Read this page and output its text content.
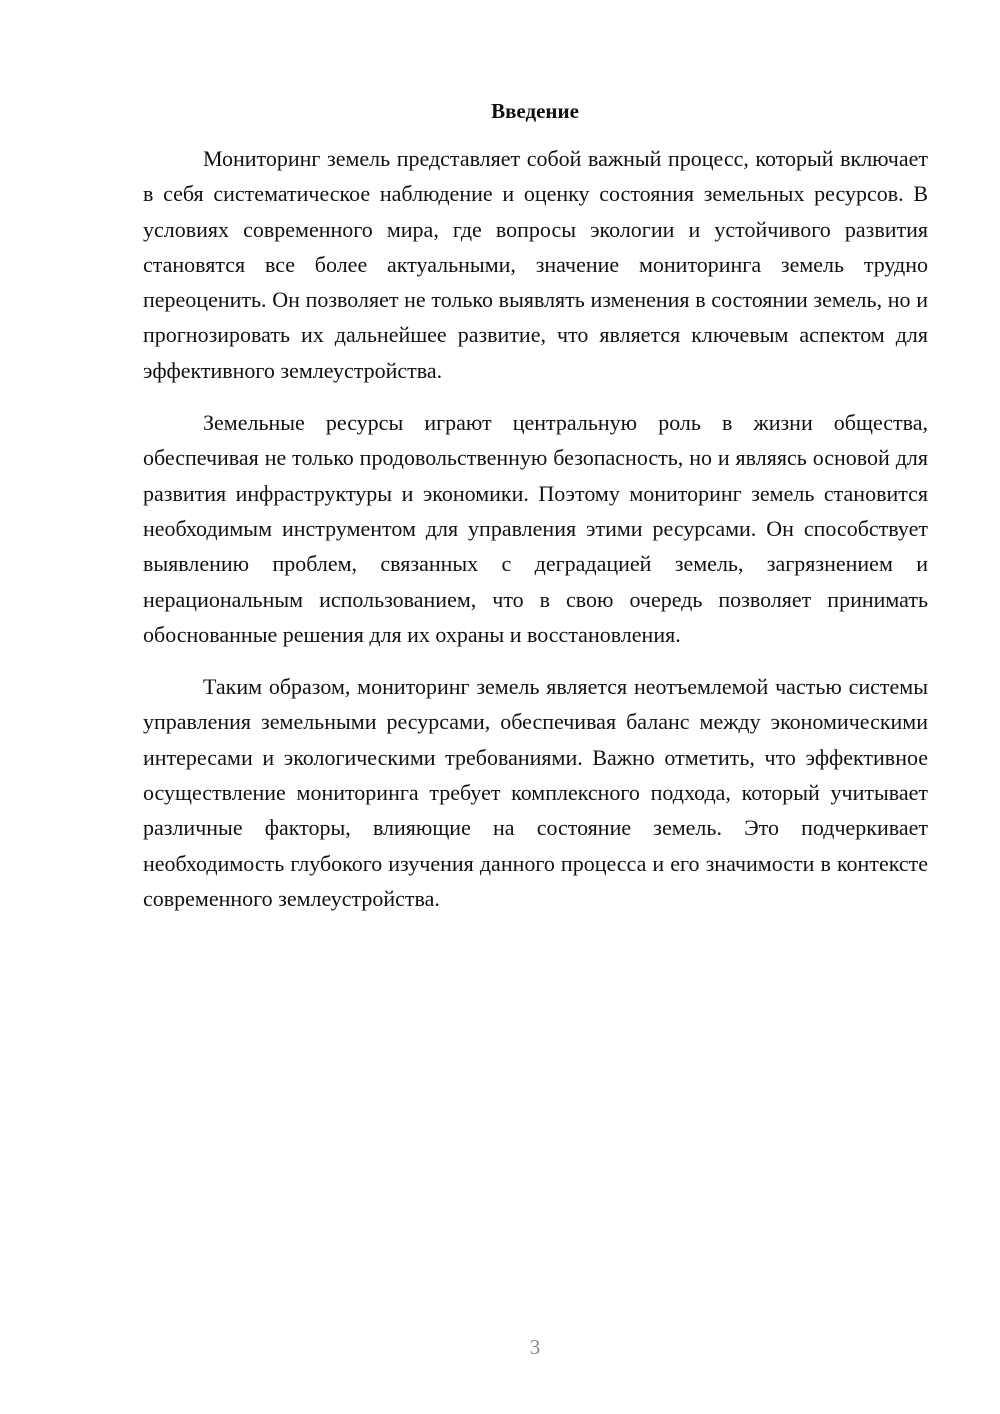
Введение

Мониторинг земель представляет собой важный процесс, который включает в себя систематическое наблюдение и оценку состояния земельных ресурсов. В условиях современного мира, где вопросы экологии и устойчивого развития становятся все более актуальными, значение мониторинга земель трудно переоценить. Он позволяет не только выявлять изменения в состоянии земель, но и прогнозировать их дальнейшее развитие, что является ключевым аспектом для эффективного землеустройства.

Земельные ресурсы играют центральную роль в жизни общества, обеспечивая не только продовольственную безопасность, но и являясь основой для развития инфраструктуры и экономики. Поэтому мониторинг земель становится необходимым инструментом для управления этими ресурсами. Он способствует выявлению проблем, связанных с деградацией земель, загрязнением и нерациональным использованием, что в свою очередь позволяет принимать обоснованные решения для их охраны и восстановления.

Таким образом, мониторинг земель является неотъемлемой частью системы управления земельными ресурсами, обеспечивая баланс между экономическими интересами и экологическими требованиями. Важно отметить, что эффективное осуществление мониторинга требует комплексного подхода, который учитывает различные факторы, влияющие на состояние земель. Это подчеркивает необходимость глубокого изучения данного процесса и его значимости в контексте современного землеустройства.

3
